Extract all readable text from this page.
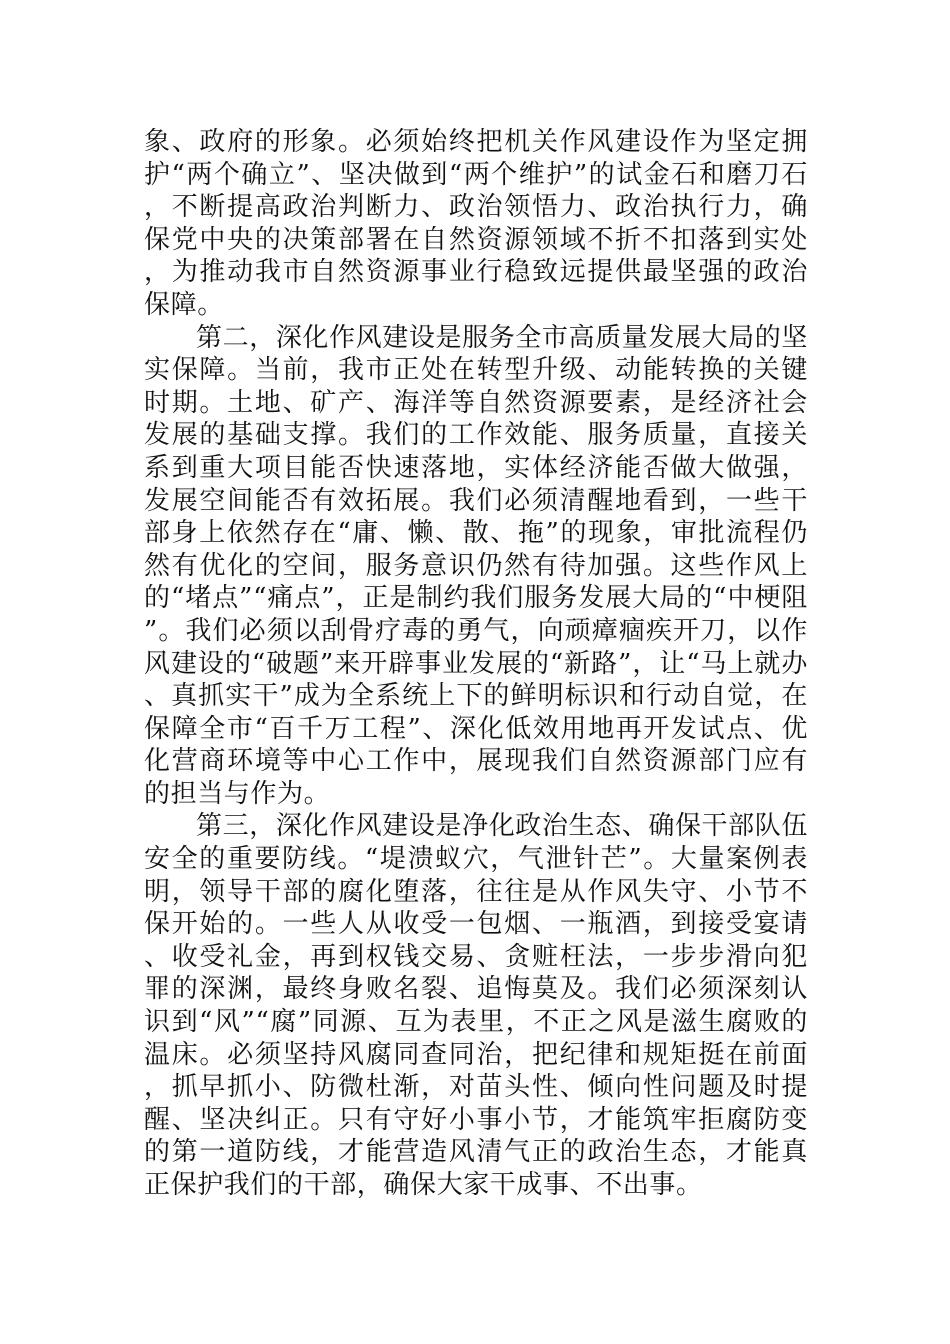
象、政府的形象。必须始终把机关作风建设作为坚定拥护“两个确立”、坚决做到“两个维护”的试金石和磨刀石，不断提高政治判断力、政治领悟力、政治执行力，确保党中央的决策部署在自然资源领域不折不扣落到实处，为推动我市自然资源事业行稳致远提供最坚强的政治保障。

第二，深化作风建设是服务全市高质量发展大局的坚实保障。当前，我市正处在转型升级、动能转换的关键时期。土地、矿产、海洋等自然资源要素，是经济社会发展的基础支撑。我们的工作效能、服务质量，直接关系到重大项目能否快速落地，实体经济能否做大做强，发展空间能否有效拓展。我们必须清醒地看到，一些干部身上依然存在“庸、懒、散、拖”的现象，审批流程仍然有优化的空间，服务意识仍然有待加强。这些作风上的“堵点”“痛点”，正是制约我们服务发展大局的“中梗阻”。我们必须以刮骨疗毒的勇气，向顽瘴痼疾开刀，以作风建设的“破题”来开辟事业发展的“新路”，让“马上就办、真抓实干”成为全系统上下的鲜明标识和行动自觉，在保障全市“百千万工程”、深化低效用地再开发试点、优化营商环境等中心工作中，展现我们自然资源部门应有的担当与作为。

第三，深化作风建设是净化政治生态、确保干部队伍安全的重要防线。“堤溃蚁穴，气泄针芒”。大量案例表明，领导干部的腐化堕落，往往是从作风失守、小节不保开始的。一些人从收受一包烟、一瓶酒，到接受宴请、收受礼金，再到权钱交易、贪赃枉法，一步步滑向犯罪的深渊，最终身败名裂、追悔莫及。我们必须深刻认识到“风”“腐”同源、互为表里，不正之风是滋生腐败的温床。必须坚持风腐同查同治，把纪律和规矩挺在前面，抓早抓小、防微杜渐，对苗头性、倾向性问题及时提醒、坚决纠正。只有守好小事小节，才能筑牢拒腐防变的第一道防线，才能营造风清气正的政治生态，才能真正保护我们的干部，确保大家干成事、不出事。
